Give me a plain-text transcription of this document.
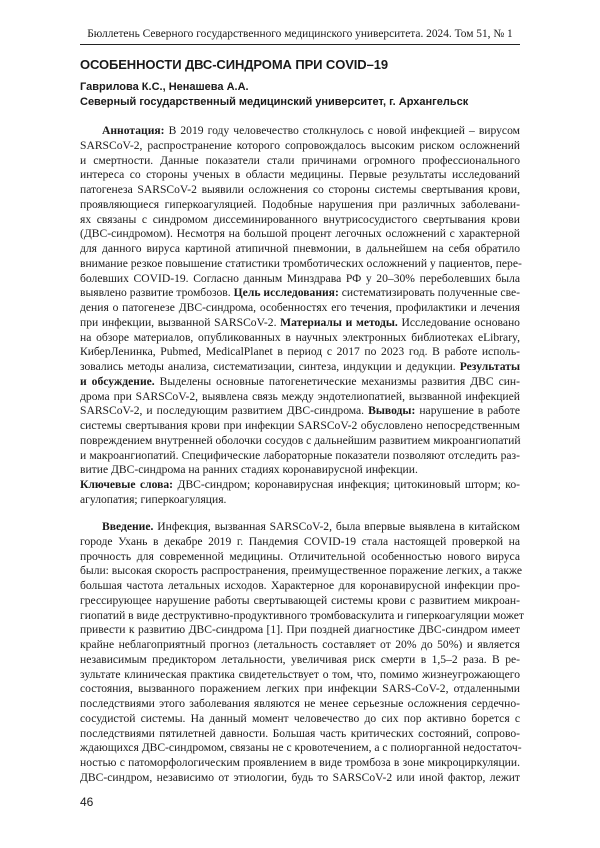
Бюллетень Северного государственного медицинского университета. 2024. Том 51, № 1
ОСОБЕННОСТИ ДВС-СИНДРОМА ПРИ COVID–19
Гаврилова К.С., Ненашева А.А.
Северный государственный медицинский университет, г. Архангельск
Аннотация: В 2019 году человечество столкнулось с новой инфекцией – вирусом
SARSCoV-2, распространение которого сопровождалось высоким риском осложнений
и смертности. Данные показатели стали причинами огромного профессионального
интереса со стороны ученых в области медицины. Первые результаты исследований
патогенеза SARSCoV-2 выявили осложнения со стороны системы свертывания крови,
проявляющиеся гиперкоагуляцией. Подобные нарушения при различных заболевани-
ях связаны с синдромом диссеминированного внутрисосудистого свертывания крови
(ДВС-синдромом). Несмотря на большой процент легочных осложнений с характерной
для данного вируса картиной атипичной пневмонии, в дальнейшем на себя обратило
внимание резкое повышение статистики тромботических осложнений у пациентов, пере-
болевших COVID-19. Согласно данным Минздрава РФ у 20–30% переболевших была
выявлено развитие тромбозов. Цель исследования: систематизировать полученные све-
дения о патогенезе ДВС-синдрома, особенностях его течения, профилактики и лечения
при инфекции, вызванной SARSCoV-2. Материалы и методы. Исследование основано
на обзоре материалов, опубликованных в научных электронных библиотеках eLibrary,
КиберЛенинка, Pubmed, MedicalPlanet в период с 2017 по 2023 год. В работе исполь-
зовались методы анализа, систематизации, синтеза, индукции и дедукции. Результаты
и обсуждение. Выделены основные патогенетические механизмы развития ДВС син-
дрома при SARSCoV-2, выявлена связь между эндотелиопатией, вызванной инфекцией
SARSCoV-2, и последующим развитием ДВС-синдрома. Выводы: нарушение в работе
системы свертывания крови при инфекции SARSCoV-2 обусловлено непосредственным
повреждением внутренней оболочки сосудов с дальнейшим развитием микроангиопатий
и макроангиопатий. Специфические лабораторные показатели позволяют отследить раз-
витие ДВС-синдрома на ранних стадиях коронавирусной инфекции.
Ключевые слова: ДВС-синдром; коронавирусная инфекция; цитокиновый шторм; ко-
агулопатия; гиперкоагуляция.
Введение. Инфекция, вызванная SARSCoV-2, была впервые выявлена в китайском
городе Ухань в декабре 2019 г. Пандемия COVID-19 стала настоящей проверкой на
прочность для современной медицины. Отличительной особенностью нового вируса
были: высокая скорость распространения, преимущественное поражение легких, а также
большая частота летальных исходов. Характерное для коронавирусной инфекции про-
грессирующее нарушение работы свертывающей системы крови с развитием микроан-
гиопатий в виде деструктивно-продуктивного тромбоваскулита и гиперкоагуляции может
привести к развитию ДВС-синдрома [1]. При поздней диагностике ДВС-синдром имеет
крайне неблагоприятный прогноз (летальность составляет от 20% до 50%) и является
независимым предиктором летальности, увеличивая риск смерти в 1,5–2 раза. В ре-
зультате клиническая практика свидетельствует о том, что, помимо жизнеугрожающего
состояния, вызванного поражением легких при инфекции SARS-CoV-2, отдаленными
последствиями этого заболевания являются не менее серьезные осложнения сердечно-
сосудистой системы. На данный момент человечество до сих пор активно борется с
последствиями пятилетней давности. Большая часть критических состояний, сопрово-
ждающихся ДВС-синдромом, связаны не с кровотечением, а с полиорганной недостаточ-
ностью с патоморфологическим проявлением в виде тромбоза в зоне микроциркуляции.
ДВС-синдром, независимо от этиологии, будь то SARSCoV-2 или иной фактор, лежит
46
